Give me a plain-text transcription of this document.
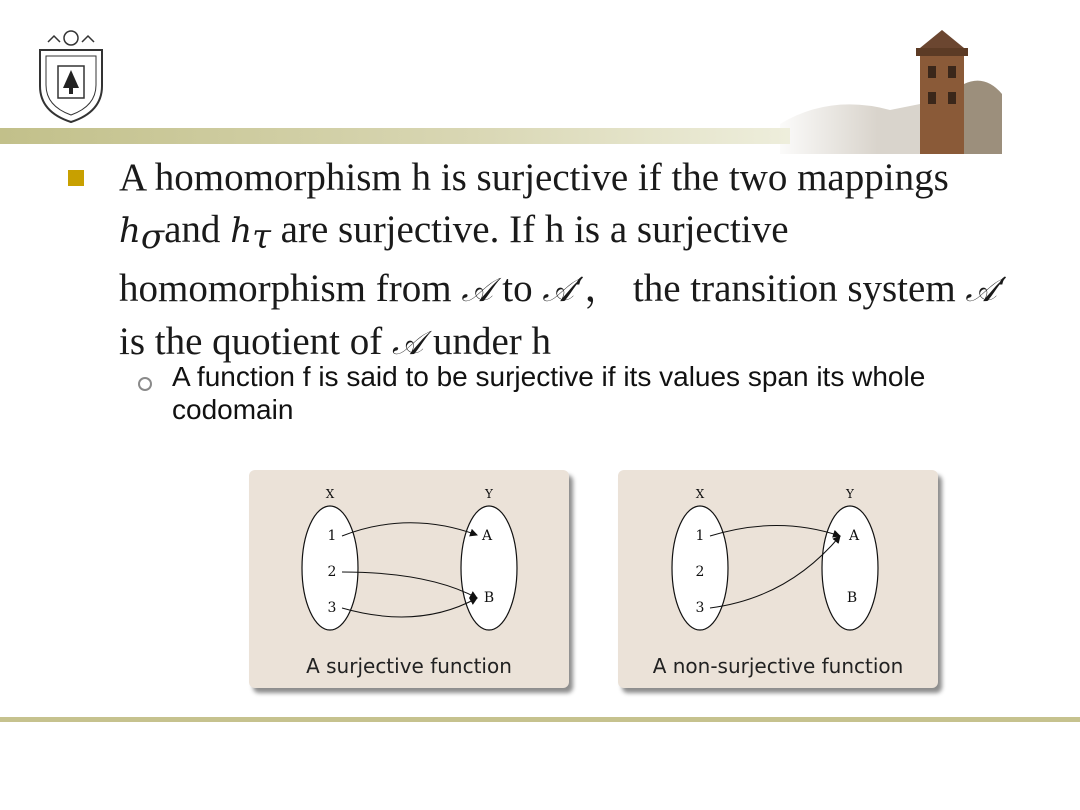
A homomorphism h is surjective if the two mappings $h_\sigma and$ $h_\tau$ are surjective. If h is a surjective homomorphism from 𝒜 to 𝒜‘， the transition system 𝒜‘ is the quotient of 𝒜 under h
A function f is said to be surjective if its values span its whole codomain
X	Y
1
2
3
A
B
A surjective function
X	Y
1
2
3
A
B
A non-surjective function
